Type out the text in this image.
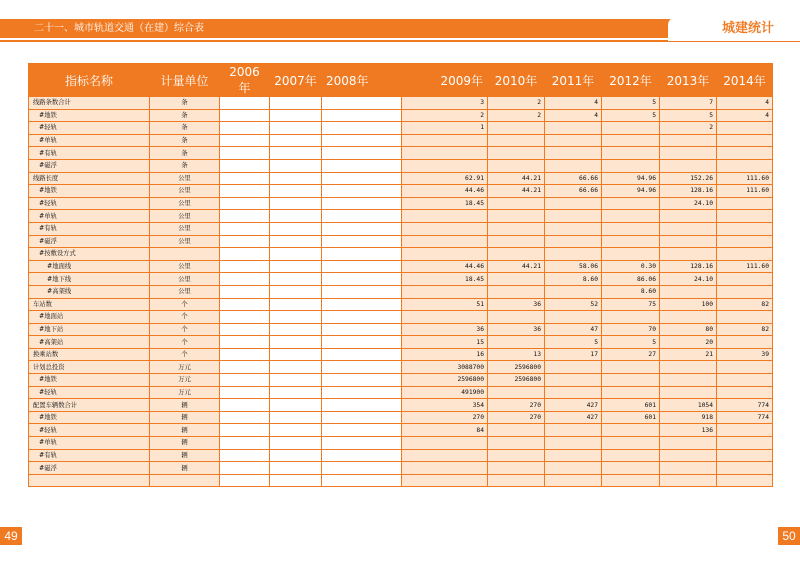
二十一、城市轨道交通（在建）综合表	城建统计
指标名称	计量单位	2006年	2007年	2008年	2009年	2010年	2011年	2012年	2013年	2014年
线路条数合计	条				3	2	4	5	7	4
#地铁	条				2	2	4	5	5	4
#轻轨	条				1				2	
#单轨	条									
#有轨	条									
#磁浮	条									
线路长度	公里				62.91	44.21	66.66	94.96	152.26	111.60
#地铁	公里				44.46	44.21	66.66	94.96	128.16	111.60
#轻轨	公里				18.45				24.10	
#单轨	公里									
#有轨	公里									
#磁浮	公里									
#按敷设方式										
#地面线	公里				44.46	44.21	58.06	0.30	128.16	111.60
#地下线	公里				18.45		8.60	86.06	24.10	
#高架线	公里							8.60		
车站数	个				51	36	52	75	100	82
#地面站	个									
#地下站	个				36	36	47	70	80	82
#高架站	个				15		5	5	20	
换乘站数	个				16	13	17	27	21	39
计划总投资	万元				3088700	2596800				
#地铁	万元				2596800	2596800				
#轻轨	万元				491900					
配置车辆数合计	辆				354	270	427	601	1054	774
#地铁	辆				270	270	427	601	918	774
#轻轨	辆				84				136	
#单轨	辆									
#有轨	辆									
#磁浮	辆									

49	50
